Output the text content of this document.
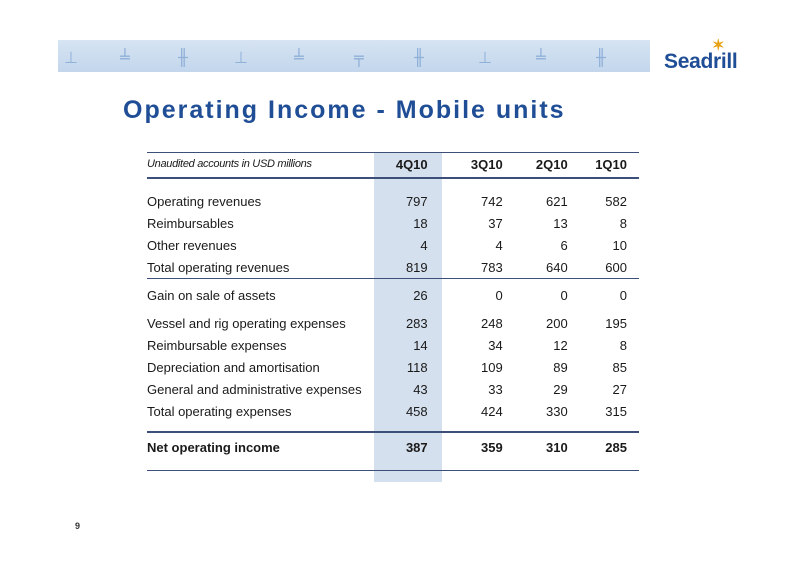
⊥	╧	╫	⊥	╧	╤	╫	⊥	╧	╫	Seadrill
✶
Operating Income - Mobile units
Unaudited accounts in USD millions	4Q10	3Q10	2Q10	1Q10

Operating revenues	797	742	621	582
Reimbursables	18	37	13	8
Other revenues	4	4	6	10
Total operating revenues	819	783	640	600

Gain on sale of assets	26	0	0	0

Vessel and rig operating expenses	283	248	200	195
Reimbursable expenses	14	34	12	8
Depreciation and amortisation	118	109	89	85
General and administrative expenses	43	33	29	27
Total operating expenses	458	424	330	315

Net operating income	387	359	310	285
9
